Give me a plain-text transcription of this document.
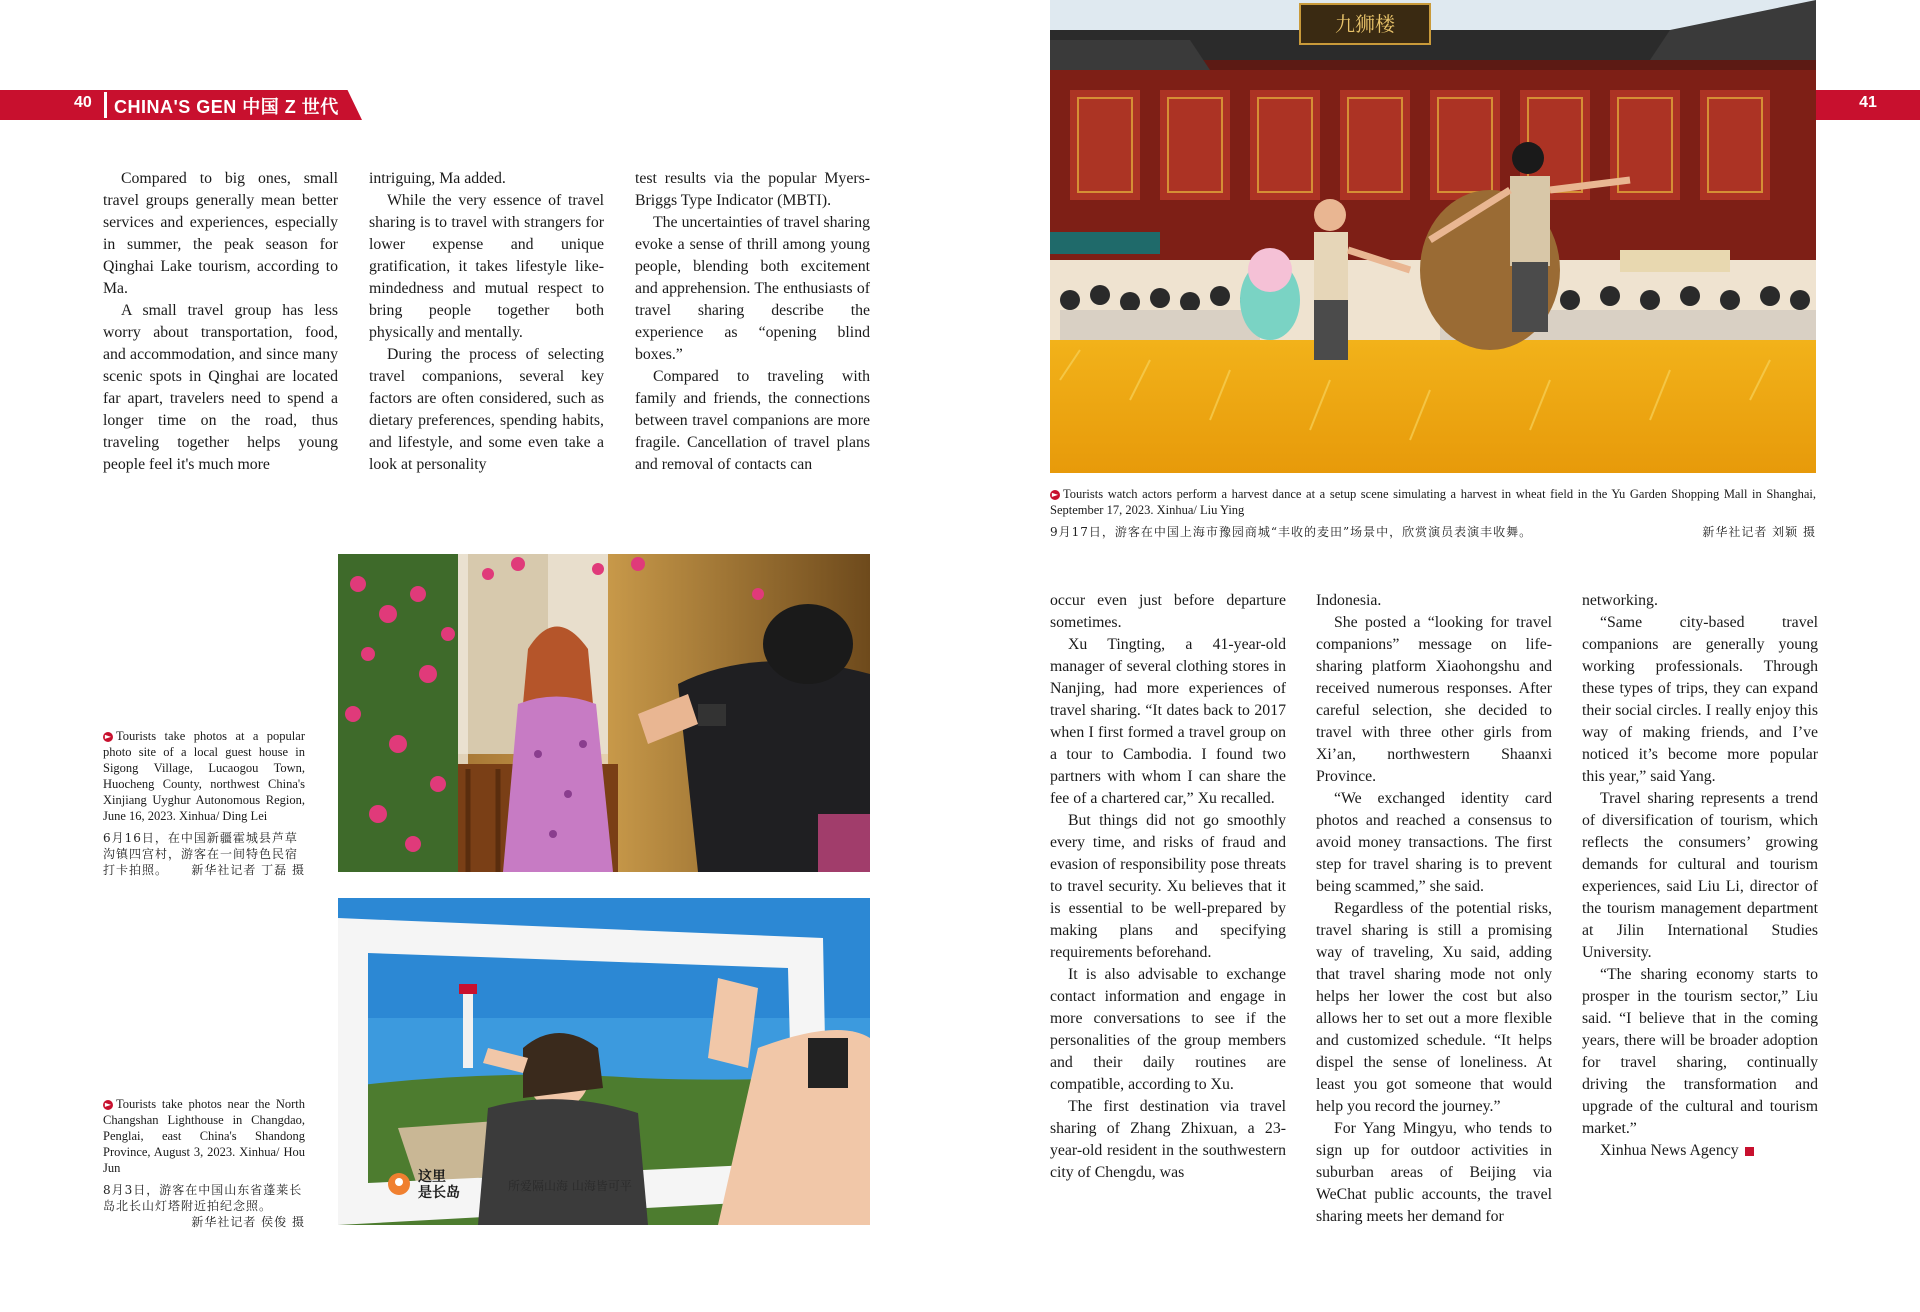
40 CHINA'S GEN 中国 Z 世代	41

Compared to big ones, small travel groups generally mean better services and experiences, especially in summer, the peak season for Qinghai Lake tourism, according to Ma.

A small travel group has less worry about transportation, food, and accommodation, and since many scenic spots in Qinghai are located far apart, travelers need to spend a longer time on the road, thus traveling together helps young people feel it's much more

intriguing, Ma added.

While the very essence of travel sharing is to travel with strangers for lower expense and unique gratification, it takes lifestyle like-mindedness and mutual respect to bring people together both physically and mentally.

During the process of selecting travel companions, several key factors are often considered, such as dietary preferences, spending habits, and lifestyle, and some even take a look at personality

test results via the popular Myers-Briggs Type Indicator (MBTI).

The uncertainties of travel sharing evoke a sense of thrill among young people, blending both excitement and apprehension. The enthusiasts of travel sharing describe the experience as “opening blind boxes.”

Compared to traveling with family and friends, the connections between travel companions are more fragile. Cancellation of travel plans and removal of contacts can

这里
是长岛	所爱隔山海 山海皆可平
► Tourists take photos at a popular photo site of a local guest house in Sigong Village, Lucaogou Town, Huocheng County, northwest China's Xinjiang Uyghur Autonomous Region, June 16, 2023. Xinhua/ Ding Lei
6月16日，在中国新疆霍城县芦草沟镇四宫村，游客在一间特色民宿打卡拍照。 新华社记者 丁磊 摄
► Tourists take photos near the North Changshan Lighthouse in Changdao, Penglai, east China's Shandong Province, August 3, 2023. Xinhua/ Hou Jun
8月3日，游客在中国山东省蓬莱长岛北长山灯塔附近拍纪念照。
新华社记者 侯俊 摄
九狮楼
► Tourists watch actors perform a harvest dance at a setup scene simulating a harvest in wheat field in the Yu Garden Shopping Mall in Shanghai, September 17, 2023. Xinhua/ Liu Ying
9月17日，游客在中国上海市豫园商城“丰收的麦田”场景中，欣赏演员表演丰收舞。	新华社记者 刘颖 摄

occur even just before departure sometimes.

Xu Tingting, a 41-year-old manager of several clothing stores in Nanjing, had more experiences of travel sharing. “It dates back to 2017 when I first formed a travel group on a tour to Cambodia. I found two partners with whom I can share the fee of a chartered car,” Xu recalled.

But things did not go smoothly every time, and risks of fraud and evasion of responsibility pose threats to travel security. Xu believes that it is essential to be well-prepared by making plans and specifying requirements beforehand.

It is also advisable to exchange contact information and engage in more conversations to see if the personalities of the group members and their daily routines are compatible, according to Xu.

The first destination via travel sharing of Zhang Zhixuan, a 23-year-old resident in the southwestern city of Chengdu, was

Indonesia.

She posted a “looking for travel companions” message on life-sharing platform Xiaohongshu and received numerous responses. After careful selection, she decided to travel with three other girls from Xi’an, northwestern Shaanxi Province.

“We exchanged identity card photos and reached a consensus to avoid money transactions. The first step for travel sharing is to prevent being scammed,” she said.

Regardless of the potential risks, travel sharing is still a promising way of traveling, Xu said, adding that travel sharing mode not only helps her lower the cost but also allows her to set out a more flexible and customized schedule. “It helps dispel the sense of loneliness. At least you got someone that would help you record the journey.”

For Yang Mingyu, who tends to sign up for outdoor activities in suburban areas of Beijing via WeChat public accounts, the travel sharing meets her demand for

networking.

“Same city-based travel companions are generally young working professionals. Through these types of trips, they can expand their social circles. I really enjoy this way of making friends, and I’ve noticed it’s become more popular this year,” said Yang.

Travel sharing represents a trend of diversification of tourism, which reflects the consumers’ growing demands for cultural and tourism experiences, said Liu Li, director of the tourism management department at Jilin International Studies University.

“The sharing economy starts to prosper in the tourism sector,” Liu said. “I believe that in the coming years, there will be broader adoption for travel sharing, continually driving the transformation and upgrade of the cultural and tourism market.”

Xinhua News Agency
